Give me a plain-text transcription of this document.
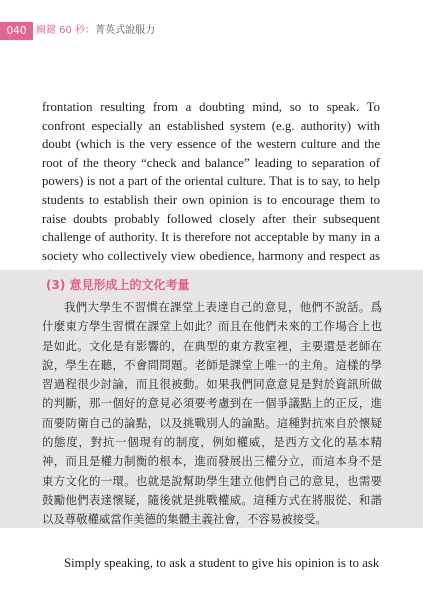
040 關鍵 60 秒：菁英式說服力

frontation resulting from a doubting mind, so to speak. To confront especially an established system (e.g. authority) with doubt (which is the very essence of the western culture and the root of the theory “check and balance” leading to separation of powers) is not a part of the oriental culture. That is to say, to help students to establish their own opinion is to encourage them to raise doubts probably followed closely after their subsequent challenge of authority. It is therefore not acceptable by many in a society who collectively view obedience, harmony and respect as

(3) 意見形成上的文化考量

我們大學生不習慣在課堂上表達自己的意見，他們不說話。爲什麼東方學生習慣在課堂上如此？而且在他們未來的工作場合上也是如此。文化是有影響的，在典型的東方教室裡，主要還是老師在說，學生在聽，不會問問題。老師是課堂上唯一的主角。這樣的學習過程很少討論，而且很被動。如果我們同意意見是對於資訊所做的判斷，那一個好的意見必須要考慮到在一個爭議點上的正反，進而要防衛自己的論點，以及挑戰別人的論點。這種對抗來自於懷疑的態度，對抗一個現有的制度，例如權威，是西方文化的基本精神，而且是權力制衡的根本，進而發展出三權分立，而這本身不是東方文化的一環。也就是說幫助學生建立他們自己的意見，也需要鼓勵他們表達懷疑，隨後就是挑戰權威。這種方式在將服從、和諧以及尊敬權威當作美德的集體主義社會，不容易被接受。

Simply speaking, to ask a student to give his opinion is to ask
